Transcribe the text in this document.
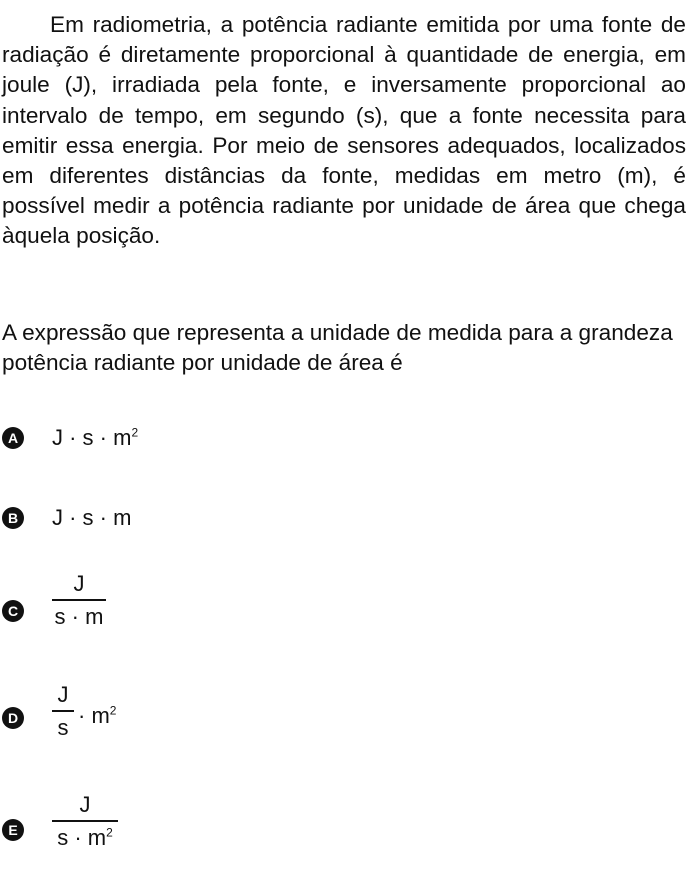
Em radiometria, a potência radiante emitida por uma fonte de radiação é diretamente proporcional à quantidade de energia, em joule (J), irradiada pela fonte, e inversamente proporcional ao intervalo de tempo, em segundo (s), que a fonte necessita para emitir essa energia. Por meio de sensores adequados, localizados em diferentes distâncias da fonte, medidas em metro (m), é possível medir a potência radiante por unidade de área que chega àquela posição.

A expressão que representa a unidade de medida para a grandeza potência radiante por unidade de área é

A $J \cdot s \cdot m^2$
B J · s · m
C
J
s · m
D
J
$s \cdot m^2$
E
J
$s \cdot m^2$
